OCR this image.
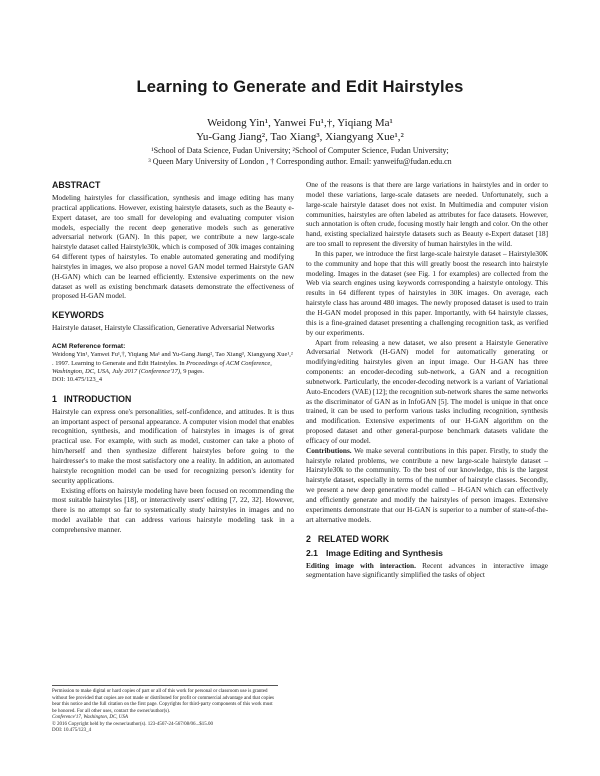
Learning to Generate and Edit Hairstyles
Weidong Yin¹, Yanwei Fu¹,†, Yiqiang Ma¹
Yu-Gang Jiang², Tao Xiang³, Xiangyang Xue¹,²
¹School of Data Science, Fudan University; ²School of Computer Science, Fudan University;
³ Queen Mary University of London , † Corresponding author. Email: yanweifu@fudan.edu.cn
ABSTRACT

Modeling hairstyles for classification, synthesis and image editing has many practical applications. However, existing hairstyle datasets, such as the Beauty e-Expert dataset, are too small for developing and evaluating computer vision models, especially the recent deep generative models such as generative adversarial network (GAN). In this paper, we contribute a new large-scale hairstyle dataset called Hairstyle30k, which is composed of 30k images containing 64 different types of hairstyles. To enable automated generating and modifying hairstyles in images, we also propose a novel GAN model termed Hairstyle GAN (H-GAN) which can be learned efficiently. Extensive experiments on the new dataset as well as existing benchmark datasets demonstrate the effectiveness of proposed H-GAN model.

KEYWORDS

Hairstyle dataset, Hairstyle Classification, Generative Adversarial Networks

ACM Reference format:
Weidong Yin¹, Yanwei Fu¹,†, Yiqiang Ma¹ and Yu-Gang Jiang², Tao Xiang³, Xiangyang Xue¹,² . 1997. Learning to Generate and Edit Hairstyles. In Proceedings of ACM Conference, Washington, DC, USA, July 2017 (Conference'17), 9 pages.
DOI: 10.475/123_4
1 INTRODUCTION

Hairstyle can express one's personalities, self-confidence, and attitudes. It is thus an important aspect of personal appearance. A computer vision model that enables recognition, synthesis, and modification of hairstyles in images is of great practical use. For example, with such as model, customer can take a photo of him/herself and then synthesize different hairstyles before going to the hairdresser's to make the most satisfactory one a reality. In addition, an automated hairstyle recognition model can be used for recognizing person's identity for security applications.

Existing efforts on hairstyle modeling have been focused on recommending the most suitable hairstyles [18], or interactively users' editing [7, 22, 32]. However, there is no attempt so far to systematically study hairstyles in images and no model available that can address various hairstyle modeling task in a comprehensive manner.

Permission to make digital or hard copies of part or all of this work for personal or classroom use is granted without fee provided that copies are not made or distributed for profit or commercial advantage and that copies bear this notice and the full citation on the first page. Copyrights for third-party components of this work must be honored. For all other uses, contact the owner/author(s).
Conference'17, Washington, DC, USA
© 2016 Copyright held by the owner/author(s). 123-4567-24-567/08/06...$15.00
DOI: 10.475/123_4

One of the reasons is that there are large variations in hairstyles and in order to model these variations, large-scale datasets are needed. Unfortunately, such a large-scale hairstyle dataset does not exist. In Multimedia and computer vision communities, hairstyles are often labeled as attributes for face datasets. However, such annotation is often crude, focusing mostly hair length and color. On the other hand, existing specialized hairstyle datasets such as Beauty e-Expert dataset [18] are too small to represent the diversity of human hairstyles in the wild.

In this paper, we introduce the first large-scale hairstyle dataset – Hairstyle30K to the community and hope that this will greatly boost the research into hairstyle modeling. Images in the dataset (see Fig. 1 for examples) are collected from the Web via search engines using keywords corresponding a hairstyle ontology. This results in 64 different types of hairstyles in 30K images. On average, each hairstyle class has around 480 images. The newly proposed dataset is used to train the H-GAN model proposed in this paper. Importantly, with 64 hairstyle classes, this is a fine-grained dataset presenting a challenging recognition task, as verified by our experiments.

Apart from releasing a new dataset, we also present a Hairstyle Generative Adversarial Network (H-GAN) model for automatically generating or modifying/editing hairstyles given an input image. Our H-GAN has three components: an encoder-decoding sub-network, a GAN and a recognition subnetwork. Particularly, the encoder-decoding network is a variant of Variational Auto-Encoders (VAE) [12]; the recognition sub-network shares the same networks as the discriminator of GAN as in InfoGAN [5]. The model is unique in that once trained, it can be used to perform various tasks including recognition, synthesis and modification. Extensive experiments of our H-GAN algorithm on the proposed dataset and other general-purpose benchmark datasets validate the efficacy of our model.

Contributions. We make several contributions in this paper. Firstly, to study the hairstyle related problems, we contribute a new large-scale hairstyle dataset – Hairstyle30k to the community. To the best of our knowledge, this is the largest hairstyle dataset, especially in terms of the number of hairstyle classes. Secondly, we present a new deep generative model called – H-GAN which can effectively and efficiently generate and modify the hairstyles of person images. Extensive experiments demonstrate that our H-GAN is superior to a number of state-of-the-art alternative models.

2 RELATED WORK
2.1 Image Editing and Synthesis

Editing image with interaction. Recent advances in interactive image segmentation have significantly simplified the tasks of object
